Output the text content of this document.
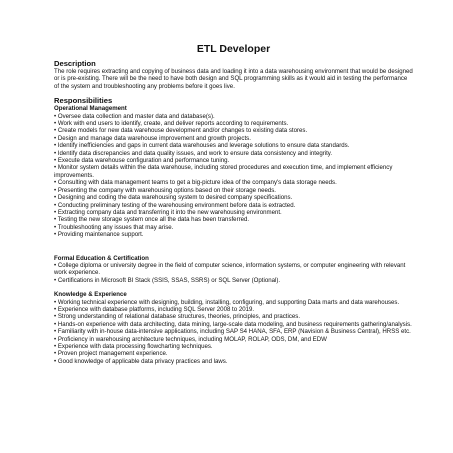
ETL Developer
Description
The role requires extracting and copying of business data and loading it into a data warehousing environment that would be designed or is pre-existing. There will be the need to have both design and SQL programming skills as it would aid in testing the performance of the system and troubleshooting any problems before it goes live.
Responsibilities
Operational Management
• Oversee data collection and master data and database(s).
• Work with end users to identify, create, and deliver reports according to requirements.
• Create models for new data warehouse development and/or changes to existing data stores.
• Design and manage data warehouse improvement and growth projects.
• Identify inefficiencies and gaps in current data warehouses and leverage solutions to ensure data standards.
• Identify data discrepancies and data quality issues, and work to ensure data consistency and integrity.
• Execute data warehouse configuration and performance tuning.
• Monitor system details within the data warehouse, including stored procedures and execution time, and implement efficiency improvements.
• Consulting with data management teams to get a big-picture idea of the company's data storage needs.
• Presenting the company with warehousing options based on their storage needs.
• Designing and coding the data warehousing system to desired company specifications.
• Conducting preliminary testing of the warehousing environment before data is extracted.
• Extracting company data and transferring it into the new warehousing environment.
• Testing the new storage system once all the data has been transferred.
• Troubleshooting any issues that may arise.
• Providing maintenance support.
Formal Education & Certification
• College diploma or university degree in the field of computer science, information systems, or computer engineering with relevant work experience.
• Certifications in Microsoft BI Stack (SSIS, SSAS, SSRS) or SQL Server (Optional).
Knowledge & Experience
• Working technical experience with designing, building, installing, configuring, and supporting Data marts and data warehouses.
• Experience with database platforms, including SQL Server 2008 to 2019.
• Strong understanding of relational database structures, theories, principles, and practices.
• Hands-on experience with data architecting, data mining, large-scale data modeling, and business requirements gathering/analysis.
• Familiarity with in-house data-intensive applications, including SAP S4 HANA, SFA, ERP (Navision & Business Central), HRSS etc.
• Proficiency in warehousing architecture techniques, including MOLAP, ROLAP, ODS, DM, and EDW
• Experience with data processing flowcharting techniques.
• Proven project management experience.
• Good knowledge of applicable data privacy practices and laws.
